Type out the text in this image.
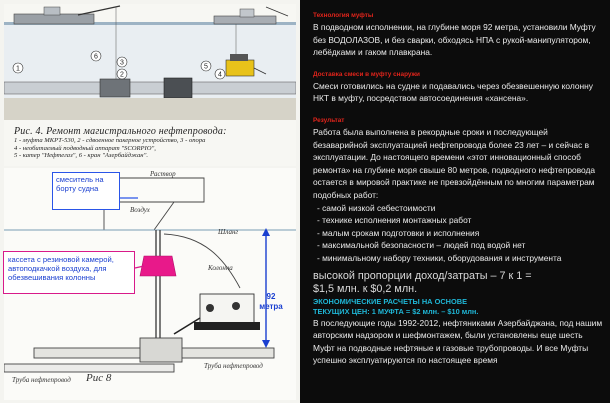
6
3
1
2
5
4
Рис. 4. Ремонт магистрального нефтепровода:
1 - муфта МКРТ-530, 2 - сдвоенное пакерное устройство, 3 - опора
4 - необитаемый подводный аппарат "SCORPIO",
5 - катер "Нефтегаз", 6 - кран "Азербайджан".
Раствор
Воздух
Шланг
Колонна
Труба нефтепровод
Труба нефтепровод
смеситель на борту судна
кассета с резиновой камерой, автоподкачкой воздуха, для обезвешивания колонны
92
метра
Рис 8
Технология муфты
В подводном исполнении, на глубине моря 92 метра, установили Муфту без ВОДОЛАЗОВ, и без сварки, обходясь НПА с рукой-манипулятором, лебёдками и гаком плавкрана.
Доставка смеси в муфту снаружи
Смеси готовились на судне и подавались через обезвешенную колонну НКТ в муфту, посредством автосоединения «хансена».
Результат
Работа была выполнена в рекордные сроки и последующей безаварийной эксплуатацией нефтепровода более 23 лет – и сейчас в эксплуатации. До настоящего времени «этот инновационный способ ремонта» на глубине моря свыше 80 метров, подводного нефтепровода остается в мировой практике не превзойдённым по многим параметрам подобных работ:
- самой низкой себестоимости
- технике исполнения монтажных работ
- малым срокам подготовки и исполнения
- максимальной безопасности – людей под водой нет
- минимальному набору техники, оборудования и инструмента
высокой пропорции доход/затраты – 7 к 1 =
$1,5 млн. к $0,2 млн.
ЭКОНОМИЧЕСКИЕ РАСЧЕТЫ НА ОСНОВЕ
ТЕКУЩИХ ЦЕН: 1 МУФТА = $2 млн. – $10 млн.
В последующие годы 1992-2012, нефтяниками Азербайджана, под нашим авторским надзором и шефмонтажем, были установлены еще шесть Муфт на подводные нефтяные и газовые трубопроводы. И все Муфты успешно эксплуатируются по настоящее время
